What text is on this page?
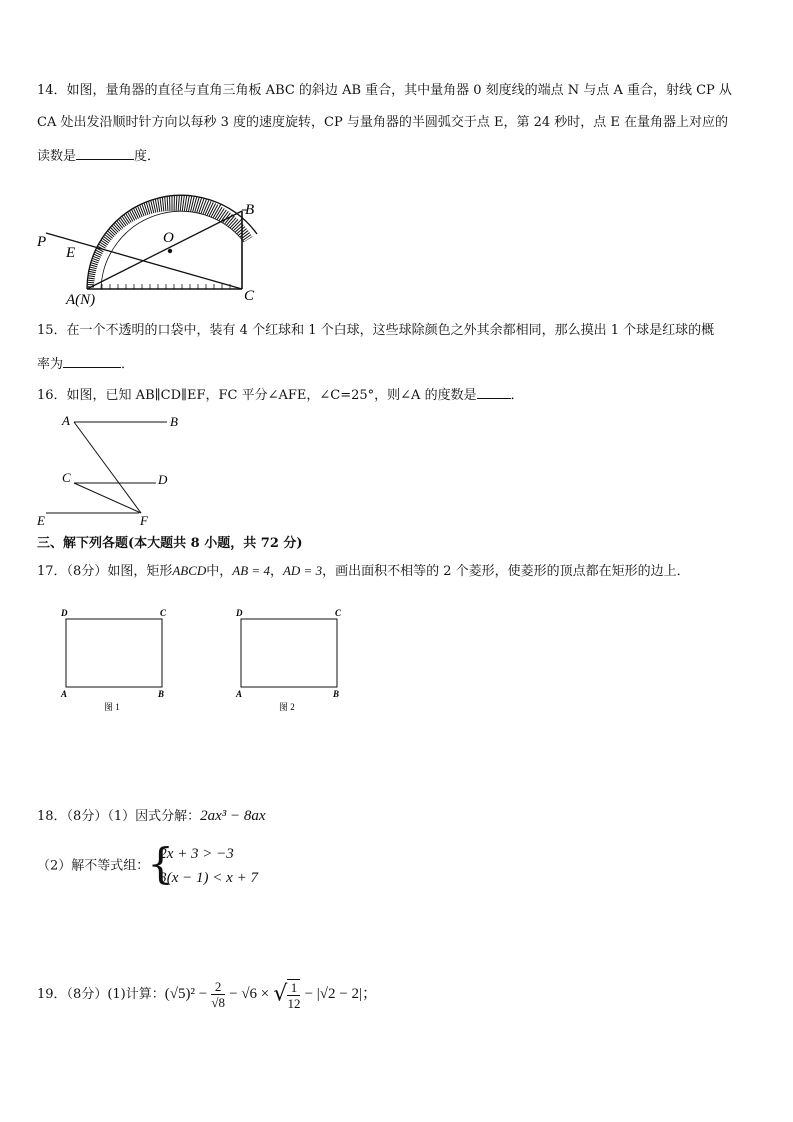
14．如图，量角器的直径与直角三角板 ABC 的斜边 AB 重合，其中量角器 0 刻度线的端点 N 与点 A 重合，射线 CP 从
CA 处出发沿顺时针方向以每秒 3 度的速度旋转，CP 与量角器的半圆弧交于点 E，第 24 秒时，点 E 在量角器上对应的
读数是	度．
P
E
O
B
A(N)	C
15．在一个不透明的口袋中，装有 4 个红球和 1 个白球，这些球除颜色之外其余都相同，那么摸出 1 个球是红球的概
率为	．
16．如图，已知 AB∥CD∥EF，FC 平分∠AFE，∠C=25°，则∠A 的度数是	．
A	B
C	D
E	F
三、解下列各题(本大题共 8 小题，共 72 分)
17．（8分）如图，矩形ABCD中，AB = 4，AD = 3，画出面积不相等的 2 个菱形，使菱形的顶点都在矩形的边上．
D	C
A	B
图 1
D	C
A	B
图 2
18．（8分）（1）因式分解：2ax³ − 8ax
（2）解不等式组：
{
2x + 3 > −3
3(x − 1) < x + 7
19．（8分）(1)计算：$(√5)^2 - \frac{2}{√8} - √6$ × √ $\frac{1}{12} - |√2 - 2|$；
